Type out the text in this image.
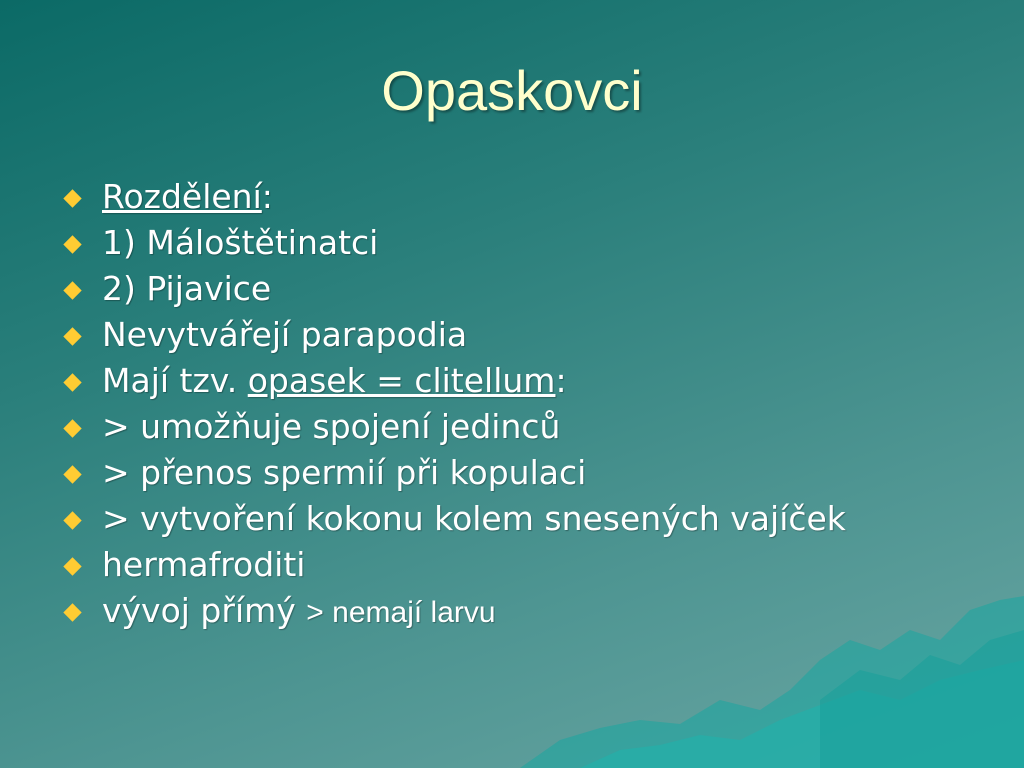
Opaskovci
Rozdělení:
1) Máloštětinatci
2) Pijavice
Nevytvářejí parapodia
Mají tzv. opasek = clitellum:
> umožňuje spojení jedinců
> přenos spermií při kopulaci
> vytvoření kokonu kolem snesených vajíček
hermafroditi
vývoj přímý > nemají larvu
